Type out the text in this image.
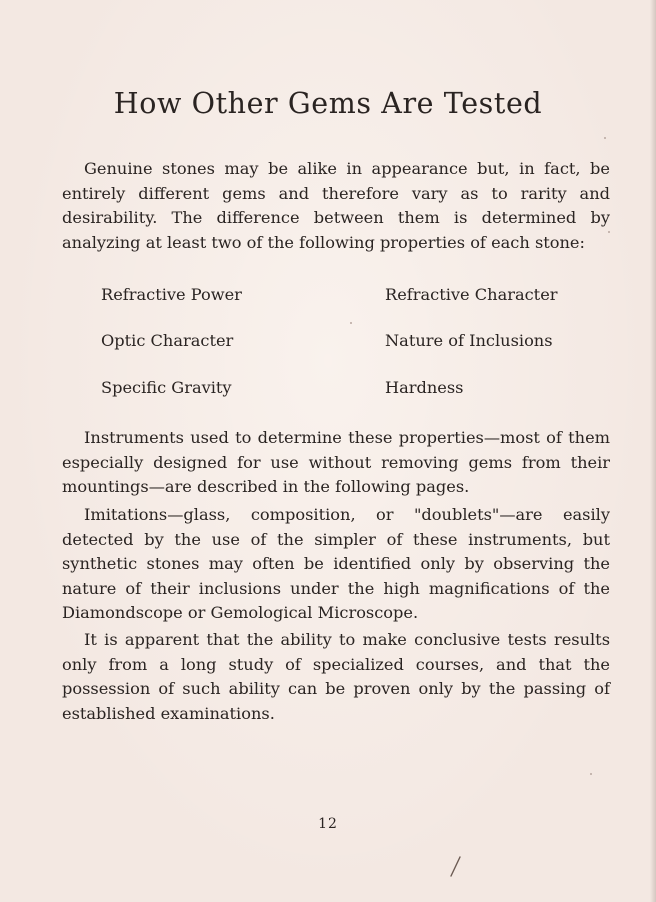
How Other Gems Are Tested

Genuine stones may be alike in appearance but, in fact, be entirely different gems and therefore vary as to rarity and desirability. The difference between them is determined by analyzing at least two of the following properties of each stone:

Refractive Power	Refractive Character
Optic Character	Nature of Inclusions
Specific Gravity	Hardness

Instruments used to determine these properties—most of them especially designed for use without removing gems from their mountings—are described in the following pages.

Imitations—glass, composition, or "doublets"—are easily detected by the use of the simpler of these instruments, but synthetic stones may often be identified only by observing the nature of their inclusions under the high magnifications of the Diamondscope or Gemological Microscope.

It is apparent that the ability to make conclusive tests results only from a long study of specialized courses, and that the possession of such ability can be proven only by the passing of established examinations.

12
